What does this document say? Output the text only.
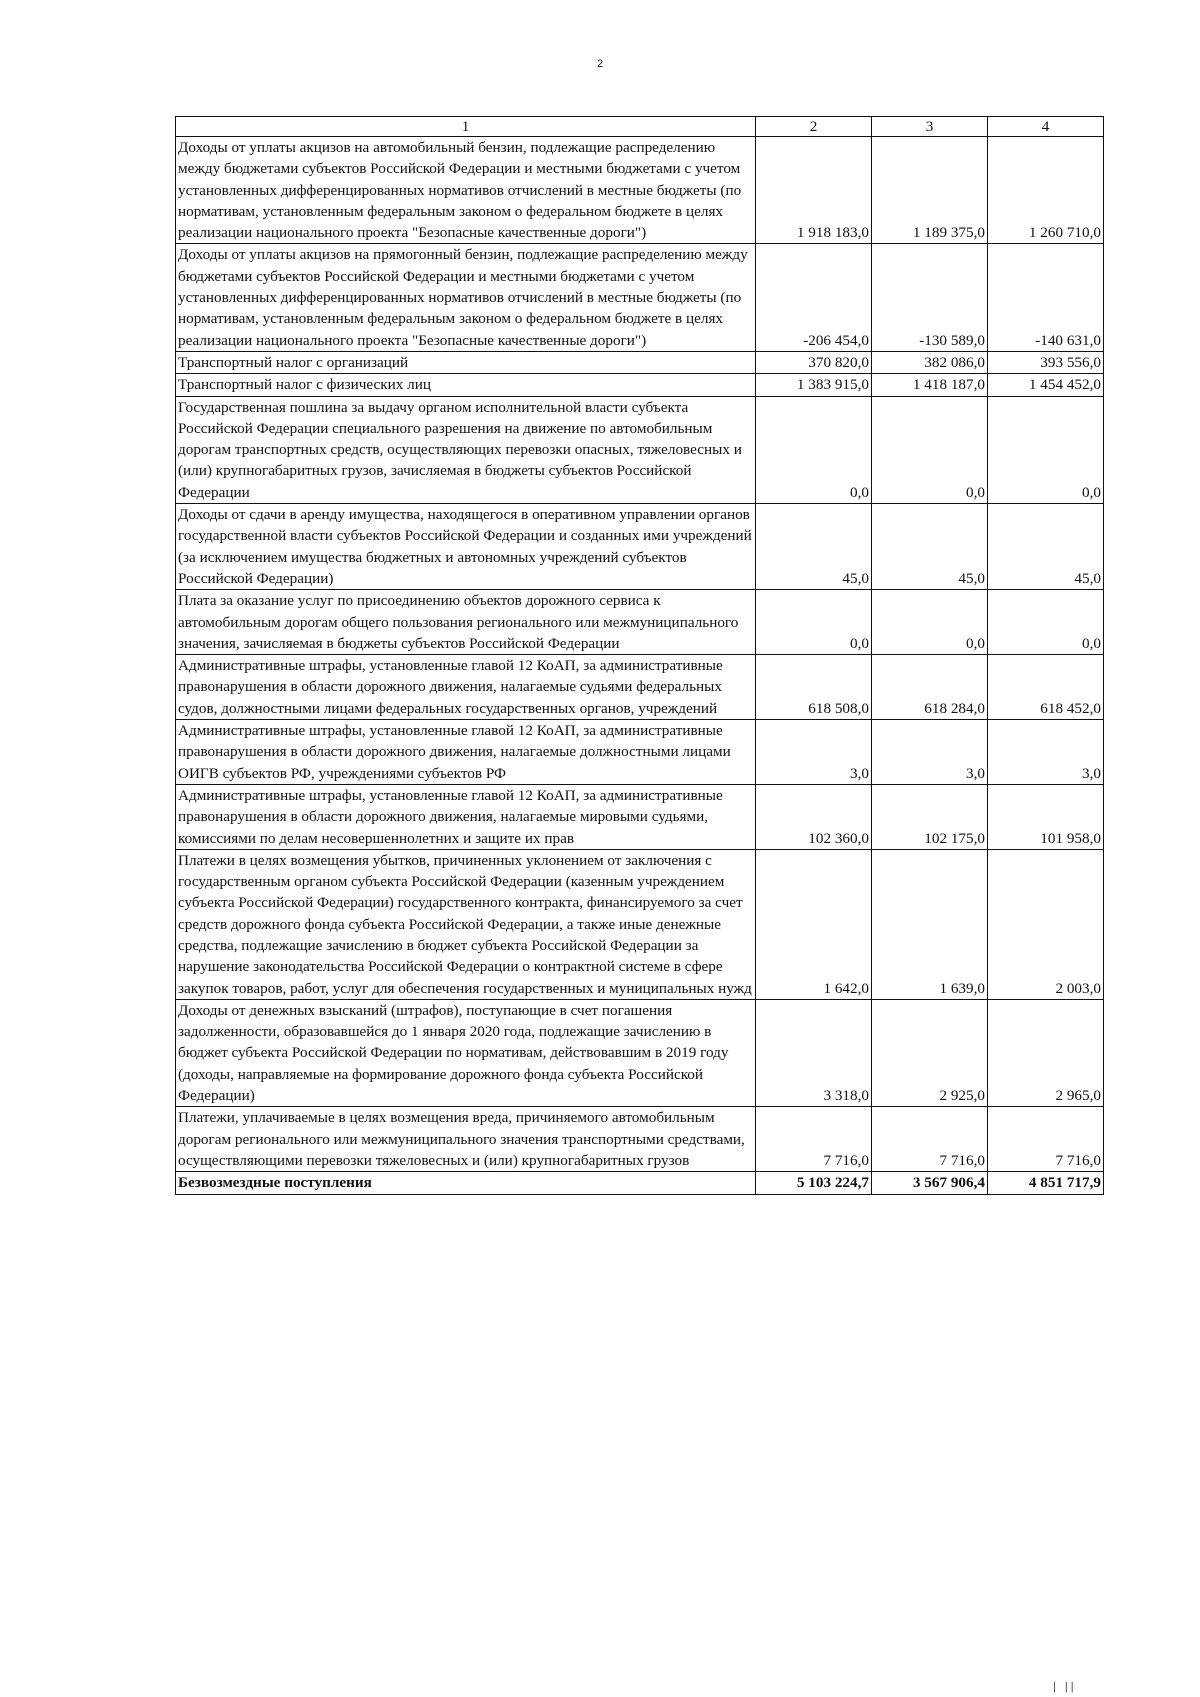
2
1	2	3	4
Доходы от уплаты акцизов на автомобильный бензин, подлежащие распределению между бюджетами субъектов Российской Федерации и местными бюджетами с учетом установленных дифференцированных нормативов отчислений в местные бюджеты (по нормативам, установленным федеральным законом о федеральном бюджете в целях реализации национального проекта "Безопасные качественные дороги")	1 918 183,0	1 189 375,0	1 260 710,0
Доходы от уплаты акцизов на прямогонный бензин, подлежащие распределению между бюджетами субъектов Российской Федерации и местными бюджетами с учетом установленных дифференцированных нормативов отчислений в местные бюджеты (по нормативам, установленным федеральным законом о федеральном бюджете в целях реализации национального проекта "Безопасные качественные дороги")	-206 454,0	-130 589,0	-140 631,0
Транспортный налог с организаций	370 820,0	382 086,0	393 556,0
Транспортный налог с физических лиц	1 383 915,0	1 418 187,0	1 454 452,0
Государственная пошлина за выдачу органом исполнительной власти субъекта Российской Федерации специального разрешения на движение по автомобильным дорогам транспортных средств, осуществляющих перевозки опасных, тяжеловесных и (или) крупногабаритных грузов, зачисляемая в бюджеты субъектов Российской Федерации	0,0	0,0	0,0
Доходы от сдачи в аренду имущества, находящегося в оперативном управлении органов государственной власти субъектов Российской Федерации и созданных ими учреждений (за исключением имущества бюджетных и автономных учреждений субъектов Российской Федерации)	45,0	45,0	45,0
Плата за оказание услуг по присоединению объектов дорожного сервиса к автомобильным дорогам общего пользования регионального или межмуниципального значения, зачисляемая в бюджеты субъектов Российской Федерации	0,0	0,0	0,0
Административные штрафы, установленные главой 12 КоАП, за административные правонарушения в области дорожного движения, налагаемые судьями федеральных судов, должностными лицами федеральных государственных органов, учреждений	618 508,0	618 284,0	618 452,0
Административные штрафы, установленные главой 12 КоАП, за административные правонарушения в области дорожного движения, налагаемые должностными лицами ОИГВ субъектов РФ, учреждениями субъектов РФ	3,0	3,0	3,0
Административные штрафы, установленные главой 12 КоАП, за административные правонарушения в области дорожного движения, налагаемые мировыми судьями, комиссиями по делам несовершеннолетних и защите их прав	102 360,0	102 175,0	101 958,0
Платежи в целях возмещения убытков, причиненных уклонением от заключения с государственным органом субъекта Российской Федерации (казенным учреждением субъекта Российской Федерации) государственного контракта, финансируемого за счет средств дорожного фонда субъекта Российской Федерации, а также иные денежные средства, подлежащие зачислению в бюджет субъекта Российской Федерации за нарушение законодательства Российской Федерации о контрактной системе в сфере закупок товаров, работ, услуг для обеспечения государственных и муниципальных нужд	1 642,0	1 639,0	2 003,0
Доходы от денежных взысканий (штрафов), поступающие в счет погашения задолженности, образовавшейся до 1 января 2020 года, подлежащие зачислению в бюджет субъекта Российской Федерации по нормативам, действовавшим в 2019 году (доходы, направляемые на формирование дорожного фонда субъекта Российской Федерации)	3 318,0	2 925,0	2 965,0
Платежи, уплачиваемые в целях возмещения вреда, причиняемого автомобильным дорогам регионального или межмуниципального значения транспортными средствами, осуществляющими перевозки тяжеловесных и (или) крупногабаритных грузов	7 716,0	7 716,0	7 716,0
Безвозмездные поступления	5 103 224,7	3 567 906,4	4 851 717,9
| ||
